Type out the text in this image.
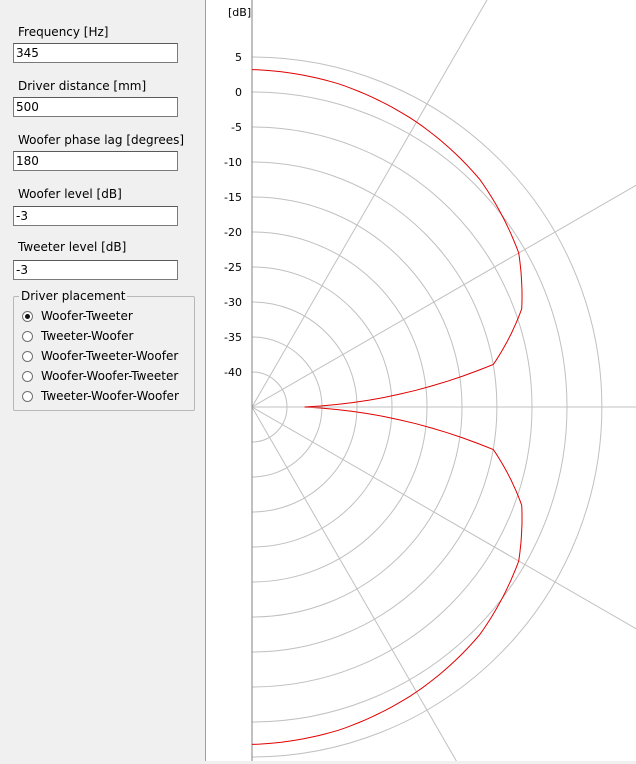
Frequency [Hz]
345
Driver distance [mm]
500
Woofer phase lag [degrees]
180
Woofer level [dB]
-3
Tweeter level [dB]
-3
Driver placement
Woofer-Tweeter
Tweeter-Woofer
Woofer-Tweeter-Woofer
Woofer-Woofer-Tweeter
Tweeter-Woofer-Woofer
5
0
-5
-10
-15
-20
-25
-30
-35
-40
[dB]
